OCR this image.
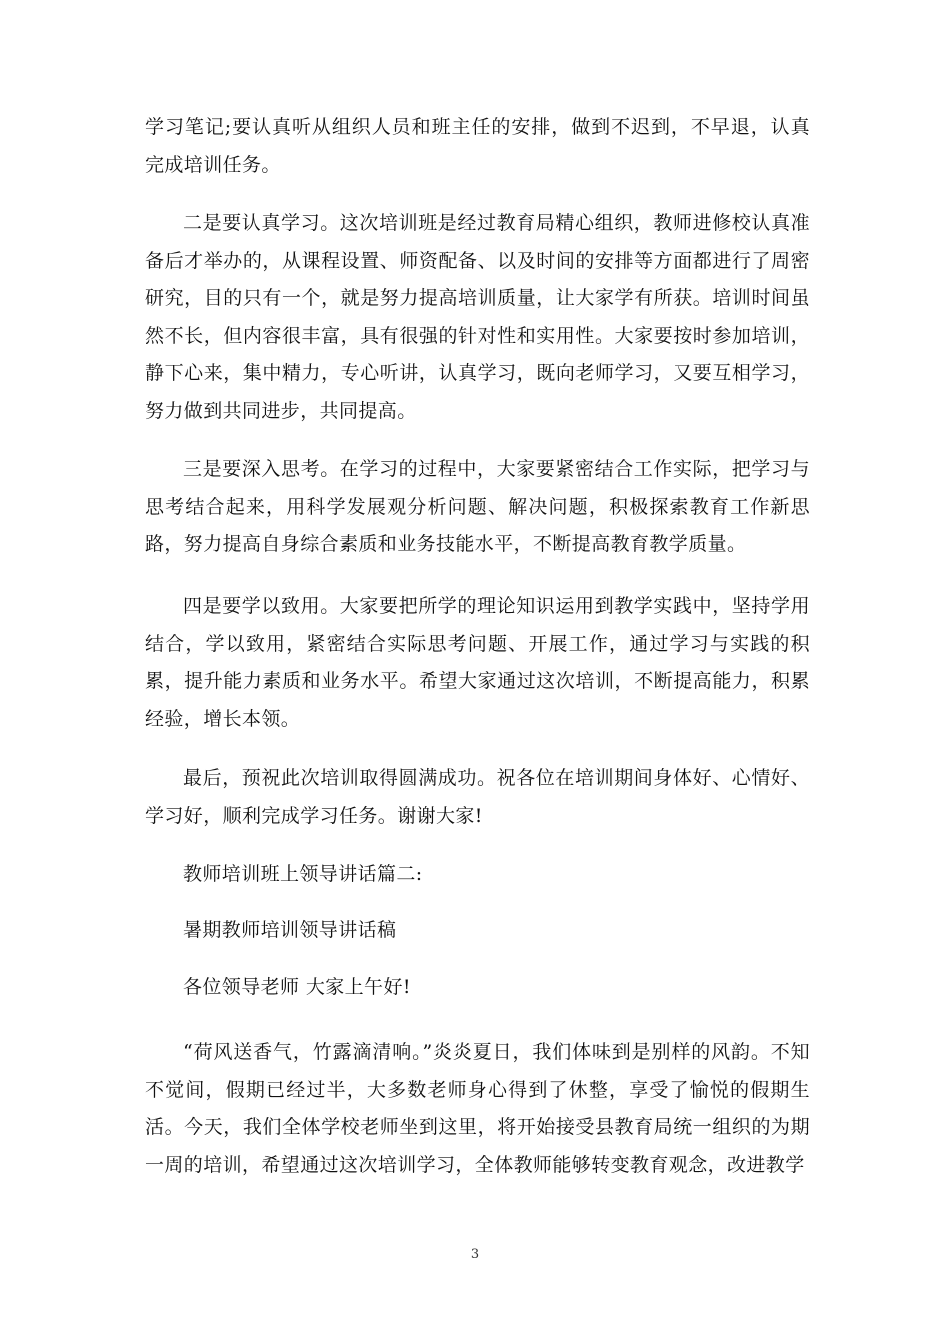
学习笔记;要认真听从组织人员和班主任的安排，做到不迟到，不早退，认真完成培训任务。

二是要认真学习。这次培训班是经过教育局精心组织，教师进修校认真准备后才举办的，从课程设置、师资配备、以及时间的安排等方面都进行了周密研究，目的只有一个，就是努力提高培训质量，让大家学有所获。培训时间虽然不长，但内容很丰富，具有很强的针对性和实用性。大家要按时参加培训，静下心来，集中精力，专心听讲，认真学习，既向老师学习，又要互相学习，努力做到共同进步，共同提高。

三是要深入思考。在学习的过程中，大家要紧密结合工作实际，把学习与思考结合起来，用科学发展观分析问题、解决问题，积极探索教育工作新思路，努力提高自身综合素质和业务技能水平，不断提高教育教学质量。

四是要学以致用。大家要把所学的理论知识运用到教学实践中，坚持学用结合，学以致用，紧密结合实际思考问题、开展工作，通过学习与实践的积累，提升能力素质和业务水平。希望大家通过这次培训，不断提高能力，积累经验，增长本领。

最后，预祝此次培训取得圆满成功。祝各位在培训期间身体好、心情好、学习好，顺利完成学习任务。谢谢大家!

教师培训班上领导讲话篇二:

暑期教师培训领导讲话稿

各位领导老师 大家上午好!

“荷风送香气，竹露滴清响。”炎炎夏日，我们体味到是别样的风韵。不知不觉间，假期已经过半，大多数老师身心得到了休整，享受了愉悦的假期生活。今天，我们全体学校老师坐到这里，将开始接受县教育局统一组织的为期一周的培训，希望通过这次培训学习，全体教师能够转变教育观念，改进教学

3
